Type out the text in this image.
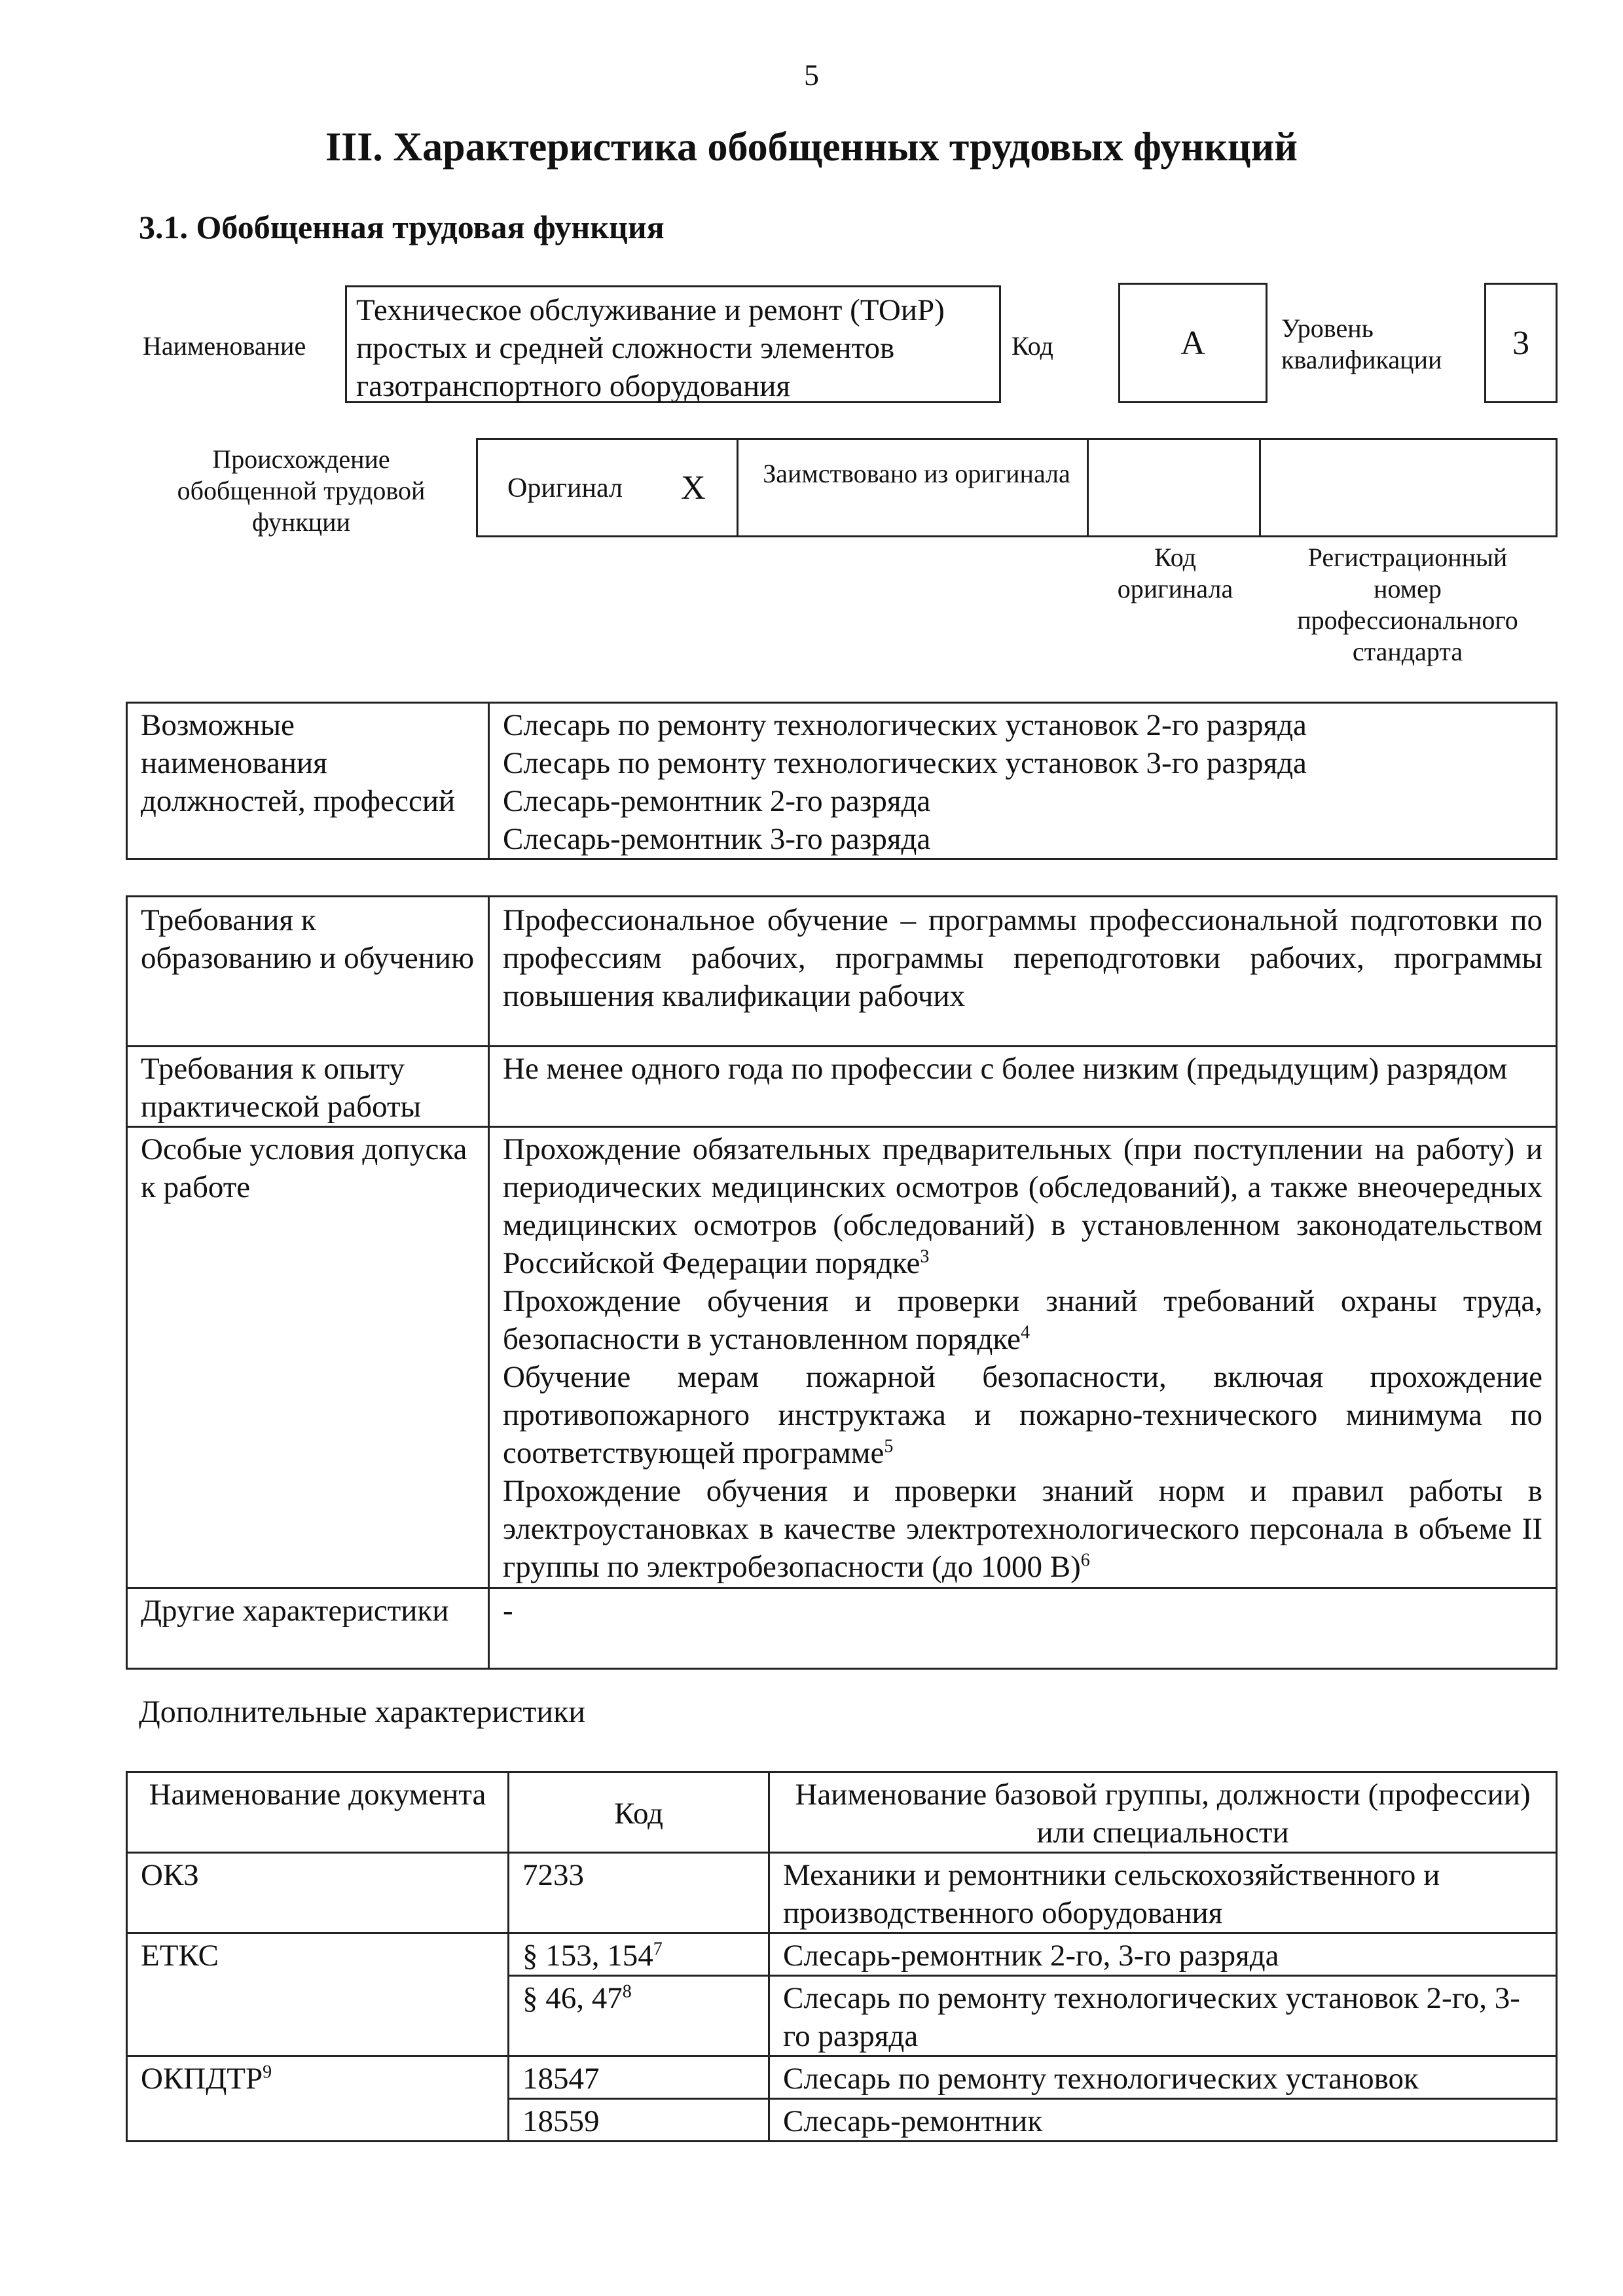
5
III. Характеристика обобщенных трудовых функций
3.1. Обобщенная трудовая функция
Наименование
Техническое обслуживание и ремонт (ТОиР) простых и средней сложности элементов газотранспортного оборудования
Код	A	Уровень квалификации	3
Происхождение обобщенной трудовой функции
Оригинал X	Заимствовано из оригинала
Код оригинала
Регистрационный номер профессионального стандарта
Возможные наименования должностей, профессий	
Слесарь по ремонту технологических установок 2-го разряда
Слесарь по ремонту технологических установок 3-го разряда
Слесарь-ремонтник 2-го разряда
Слесарь-ремонтник 3-го разряда
Требования к образованию и обучению	Профессиональное обучение – программы профессиональной подготовки по профессиям рабочих, программы переподготовки рабочих, программы повышения квалификации рабочих
Требования к опыту практической работы	Не менее одного года по профессии с более низким (предыдущим) разрядом
Особые условия допуска к работе	Прохождение обязательных предварительных (при поступлении на работу) и периодических медицинских осмотров (обследований), а также внеочередных медицинских осмотров (обследований) в установленном законодательством Российской Федерации порядке$^3$

Прохождение обучения и проверки знаний требований охраны труда, безопасности в установленном порядке$^4$

Обучение мерам пожарной безопасности, включая прохождение противопожарного инструктажа и пожарно-технического минимума по соответствующей программе$^5$

Прохождение обучения и проверки знаний норм и правил работы в электроустановках в качестве электротехнологического персонала в объеме II группы по электробезопасности (до 1000 В)$^6$

Другие характеристики	-
Дополнительные характеристики
Наименование документа	Код	Наименование базовой группы, должности (профессии) или специальности
ОКЗ	7233	Механики и ремонтники сельскохозяйственного и производственного оборудования
ЕТКС	§ 153, $154^7$	Слесарь-ремонтник 2-го, 3-го разряда
	§ 46, $47^8$	Слесарь по ремонту технологических установок 2-го, 3-го разряда
ОКПДТР$^9$	18547	Слесарь по ремонту технологических установок
	18559	Слесарь-ремонтник
